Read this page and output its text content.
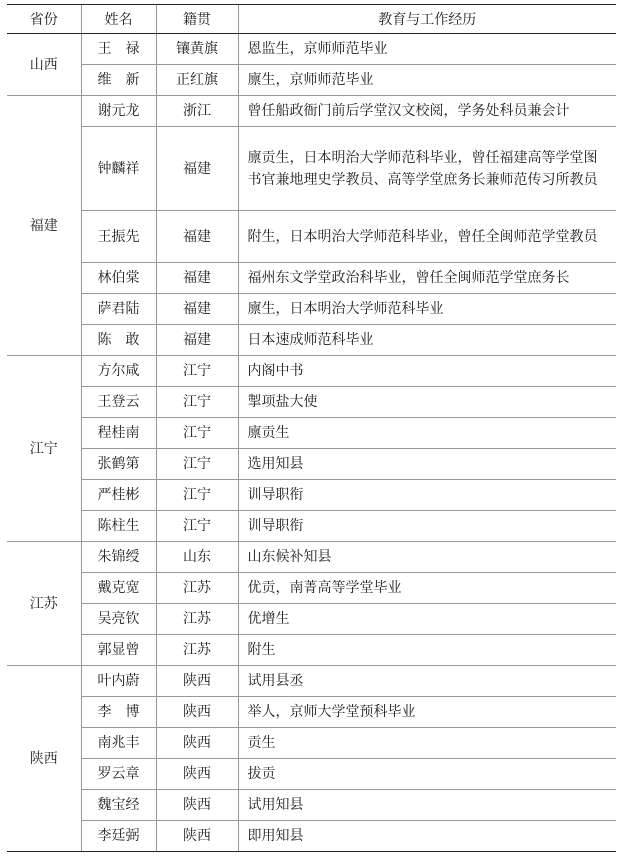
省份	姓名	籍贯	教育与工作经历
山西	王　禄	镶黄旗	恩监生，京师师范毕业
	维　新	正红旗	廪生，京师师范毕业
福建	谢元龙	浙江	曾任船政衙门前后学堂汉文校阅，学务处科员兼会计
	钟麟祥	福建	廪贡生，日本明治大学师范科毕业，曾任福建高等学堂图书官兼地理史学教员、高等学堂庶务长兼师范传习所教员
	王振先	福建	附生，日本明治大学师范科毕业，曾任全闽师范学堂教员
	林伯棠	福建	福州东文学堂政治科毕业，曾任全闽师范学堂庶务长
	萨君陆	福建	廪生，日本明治大学师范科毕业
	陈　敢	福建	日本速成师范科毕业
江宁	方尔咸	江宁	内阁中书
	王登云	江宁	掣项盐大使
	程桂南	江宁	廪贡生
	张鹤第	江宁	选用知县
	严桂彬	江宁	训导职衔
	陈柱生	江宁	训导职衔
江苏	朱锦绶	山东	山东候补知县
	戴克宽	江苏	优贡，南菁高等学堂毕业
	吴亮钦	江苏	优增生
	郭显曾	江苏	附生
陕西	叶内蔚	陕西	试用县丞
	李　博	陕西	举人，京师大学堂预科毕业
	南兆丰	陕西	贡生
	罗云章	陕西	拔贡
	魏宝经	陕西	试用知县
	李廷弼	陕西	即用知县
